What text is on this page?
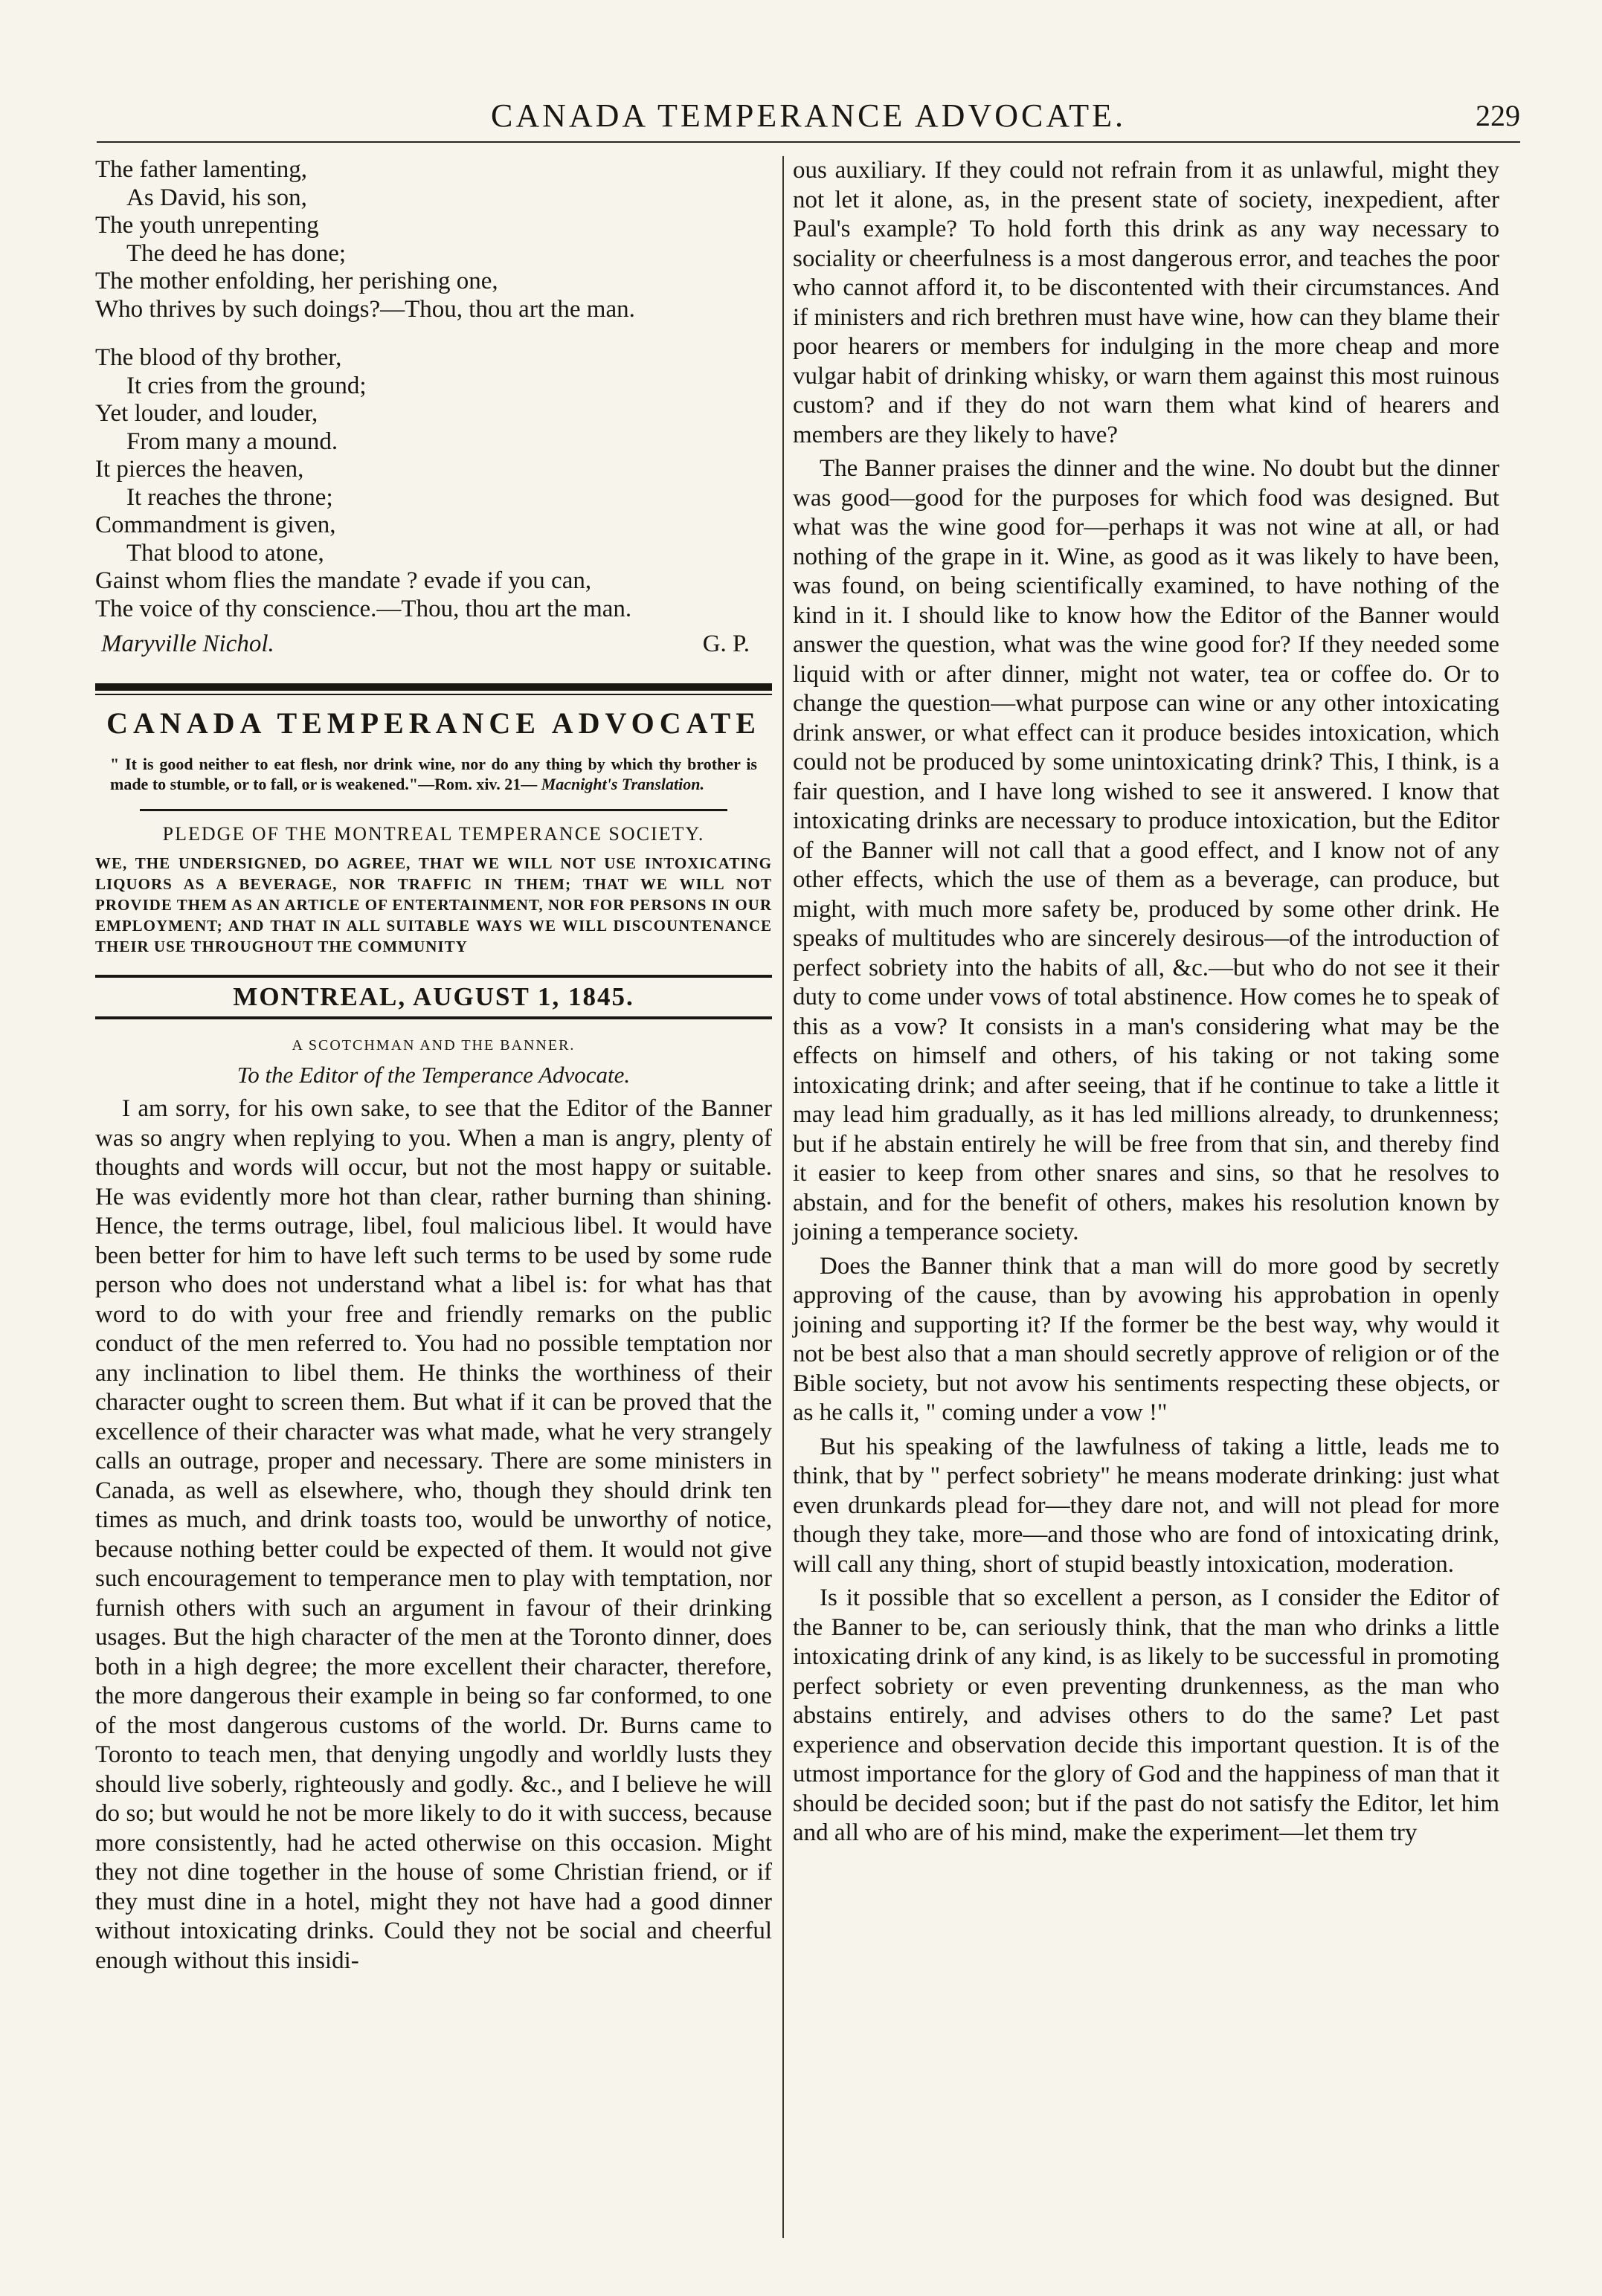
CANADA TEMPERANCE ADVOCATE.	229
The father lamenting,
As David, his son,
The youth unrepenting
The deed he has done;
The mother enfolding, her perishing one,
Who thrives by such doings?—Thou, thou art the man.
The blood of thy brother,
It cries from the ground;
Yet louder, and louder,
From many a mound.
It pierces the heaven,
It reaches the throne;
Commandment is given,
That blood to atone,
Gainst whom flies the mandate ? evade if you can,
The voice of thy conscience.—Thou, thou art the man.
Maryville Nichol.	G. P.
CANADA TEMPERANCE ADVOCATE
" It is good neither to eat flesh, nor drink wine, nor do any thing by which thy brother is made to stumble, or to fall, or is weakened."—Rom. xiv. 21— Macnight's Translation.
PLEDGE OF THE MONTREAL TEMPERANCE SOCIETY.
WE, THE UNDERSIGNED, DO AGREE, THAT WE WILL NOT USE INTOXICATING LIQUORS AS A BEVERAGE, NOR TRAFFIC IN THEM; THAT WE WILL NOT PROVIDE THEM AS AN ARTICLE OF ENTERTAINMENT, NOR FOR PERSONS IN OUR EMPLOYMENT; AND THAT IN ALL SUITABLE WAYS WE WILL DISCOUNTENANCE THEIR USE THROUGHOUT THE COMMUNITY
MONTREAL, AUGUST 1, 1845.
A SCOTCHMAN AND THE BANNER.
To the Editor of the Temperance Advocate.

I am sorry, for his own sake, to see that the Editor of the Banner was so angry when replying to you. When a man is angry, plenty of thoughts and words will occur, but not the most happy or suitable. He was evidently more hot than clear, rather burning than shining. Hence, the terms outrage, libel, foul malicious libel. It would have been better for him to have left such terms to be used by some rude person who does not understand what a libel is: for what has that word to do with your free and friendly remarks on the public conduct of the men referred to. You had no possible temptation nor any inclination to libel them. He thinks the worthiness of their character ought to screen them. But what if it can be proved that the excellence of their character was what made, what he very strangely calls an outrage, proper and necessary. There are some ministers in Canada, as well as elsewhere, who, though they should drink ten times as much, and drink toasts too, would be unworthy of notice, because nothing better could be expected of them. It would not give such encouragement to temperance men to play with temptation, nor furnish others with such an argument in favour of their drinking usages. But the high character of the men at the Toronto dinner, does both in a high degree; the more excellent their character, therefore, the more dangerous their example in being so far conformed, to one of the most dangerous customs of the world. Dr. Burns came to Toronto to teach men, that denying ungodly and worldly lusts they should live soberly, righteously and godly. &c., and I believe he will do so; but would he not be more likely to do it with success, because more consistently, had he acted otherwise on this occasion. Might they not dine together in the house of some Christian friend, or if they must dine in a hotel, might they not have had a good dinner without intoxicating drinks. Could they not be social and cheerful enough without this insidi-

ous auxiliary. If they could not refrain from it as unlawful, might they not let it alone, as, in the present state of society, inexpedient, after Paul's example? To hold forth this drink as any way necessary to sociality or cheerfulness is a most dangerous error, and teaches the poor who cannot afford it, to be discontented with their circumstances. And if ministers and rich brethren must have wine, how can they blame their poor hearers or members for indulging in the more cheap and more vulgar habit of drinking whisky, or warn them against this most ruinous custom? and if they do not warn them what kind of hearers and members are they likely to have?

The Banner praises the dinner and the wine. No doubt but the dinner was good—good for the purposes for which food was designed. But what was the wine good for—perhaps it was not wine at all, or had nothing of the grape in it. Wine, as good as it was likely to have been, was found, on being scientifically examined, to have nothing of the kind in it. I should like to know how the Editor of the Banner would answer the question, what was the wine good for? If they needed some liquid with or after dinner, might not water, tea or coffee do. Or to change the question—what purpose can wine or any other intoxicating drink answer, or what effect can it produce besides intoxication, which could not be produced by some unintoxicating drink? This, I think, is a fair question, and I have long wished to see it answered. I know that intoxicating drinks are necessary to produce intoxication, but the Editor of the Banner will not call that a good effect, and I know not of any other effects, which the use of them as a beverage, can produce, but might, with much more safety be, produced by some other drink. He speaks of multitudes who are sincerely desirous—of the introduction of perfect sobriety into the habits of all, &c.—but who do not see it their duty to come under vows of total abstinence. How comes he to speak of this as a vow? It consists in a man's considering what may be the effects on himself and others, of his taking or not taking some intoxicating drink; and after seeing, that if he continue to take a little it may lead him gradually, as it has led millions already, to drunkenness; but if he abstain entirely he will be free from that sin, and thereby find it easier to keep from other snares and sins, so that he resolves to abstain, and for the benefit of others, makes his resolution known by joining a temperance society.

Does the Banner think that a man will do more good by secretly approving of the cause, than by avowing his approbation in openly joining and supporting it? If the former be the best way, why would it not be best also that a man should secretly approve of religion or of the Bible society, but not avow his sentiments respecting these objects, or as he calls it, " coming under a vow !"

But his speaking of the lawfulness of taking a little, leads me to think, that by " perfect sobriety" he means moderate drinking: just what even drunkards plead for—they dare not, and will not plead for more though they take, more—and those who are fond of intoxicating drink, will call any thing, short of stupid beastly intoxication, moderation.

Is it possible that so excellent a person, as I consider the Editor of the Banner to be, can seriously think, that the man who drinks a little intoxicating drink of any kind, is as likely to be successful in promoting perfect sobriety or even preventing drunkenness, as the man who abstains entirely, and advises others to do the same? Let past experience and observation decide this important question. It is of the utmost importance for the glory of God and the happiness of man that it should be decided soon; but if the past do not satisfy the Editor, let him and all who are of his mind, make the experiment—let them try
